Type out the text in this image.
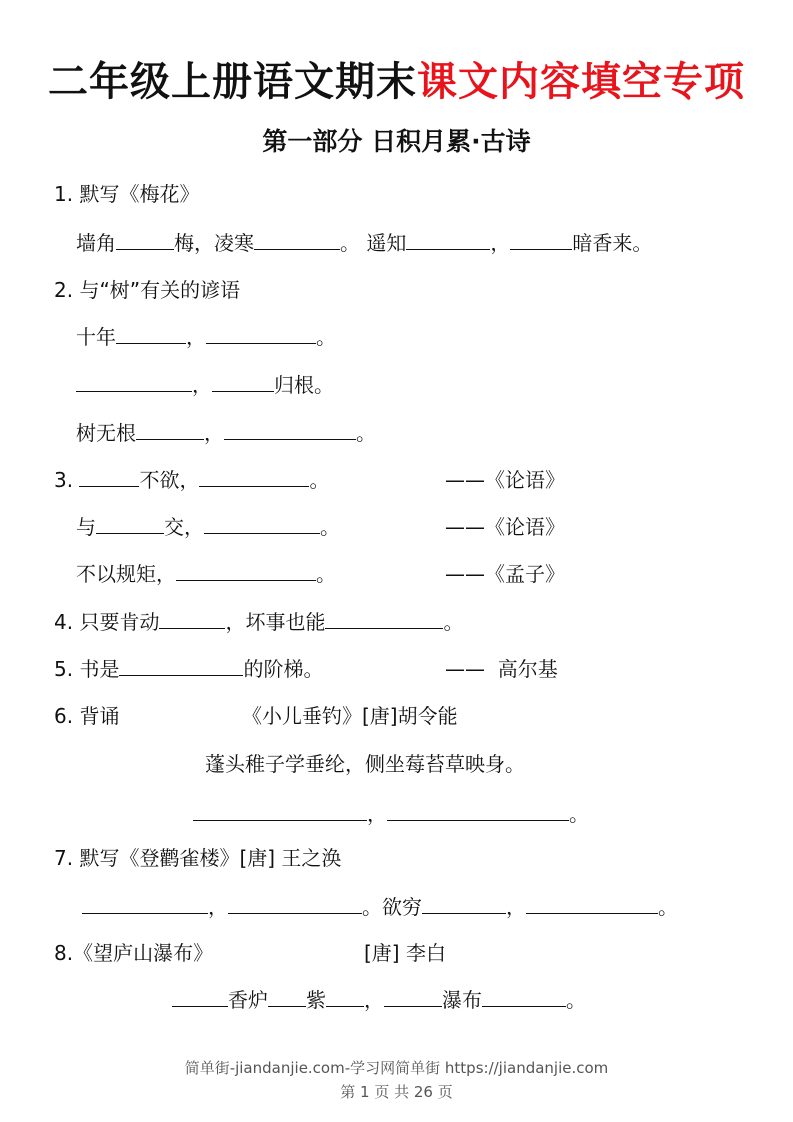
二年级上册语文期末课文内容填空专项
第一部分 日积月累·古诗
1. 默写《梅花》
墙角	梅，凌寒	。 遥知	，	暗香来。
2. 与“树”有关的谚语
十年	，	。
，	归根。
树无根	，	。
3.	不欲，	。	——《论语》
与	交，	。	——《论语》
不以规矩，	。	——《孟子》
4. 只要肯动	，坏事也能	。
5. 书是	的阶梯。	——  高尔基
6. 背诵	《小儿垂钓》[唐]胡令能
蓬头稚子学垂纶，侧坐莓苔草映身。
，	。
7. 默写《登鹳雀楼》[唐] 王之涣
，	。欲穷	，	。
8.《望庐山瀑布》	[唐] 李白
香炉 紫 ，	瀑布	。
简单街-jiandanjie.com-学习网简单街 https://jiandanjie.com
第 1 页 共 26 页
